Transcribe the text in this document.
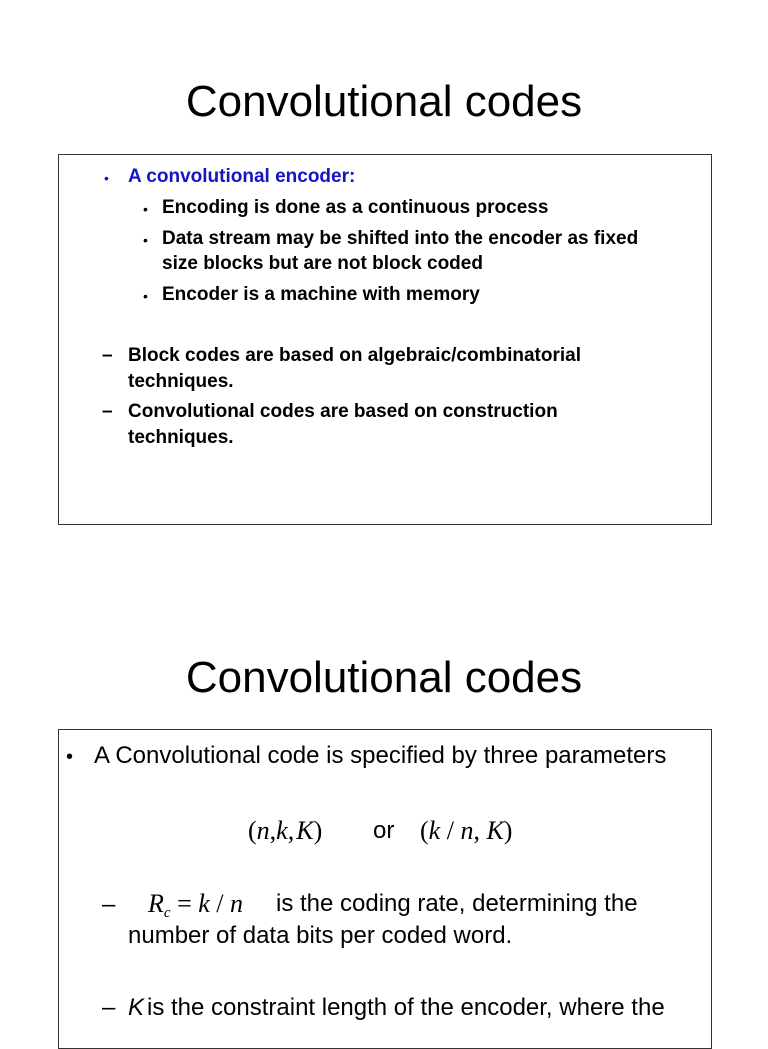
Convolutional codes
• A convolutional encoder:
• Encoding is done as a continuous process
• Data stream may be shifted into the encoder as fixed
size blocks but are not block coded
• Encoder is a machine with memory
– Block codes are based on algebraic/combinatorial
techniques.
– Convolutional codes are based on construction
techniques.
Convolutional codes
• A Convolutional code is specified by three parameters
(n,k,K) or (k / n, K)
– $R_c = k / n$ is the coding rate, determining the
number of data bits per coded word.
– K is the constraint length of the encoder, where the
